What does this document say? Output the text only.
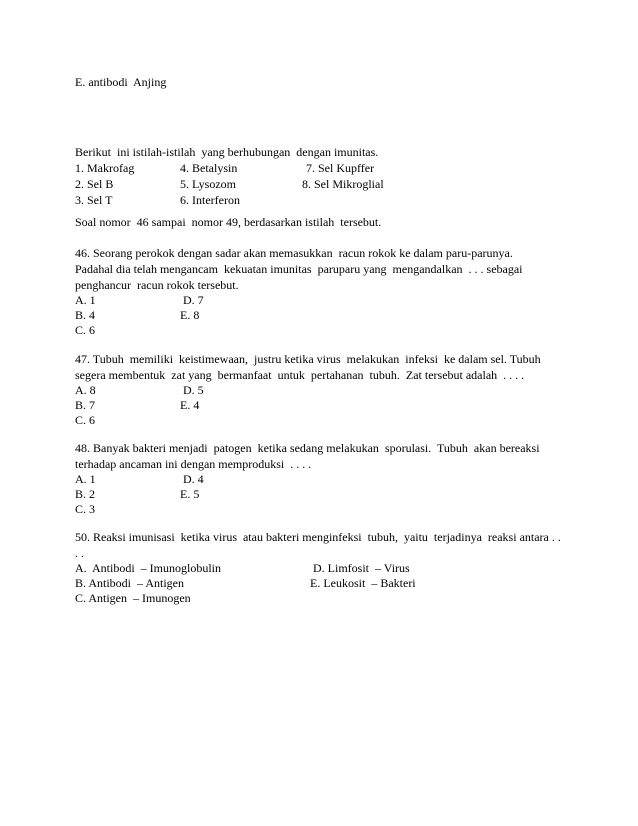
E. antibodi  Anjing
Berikut  ini istilah-istilah  yang berhubungan  dengan imunitas.
1. Makrofag	4. Betalysin	7. Sel Kupffer
2. Sel B	5. Lysozom	8. Sel Mikroglial
3. Sel T	6. Interferon
Soal nomor  46 sampai  nomor 49, berdasarkan istilah  tersebut.
46. Seorang perokok dengan sadar akan memasukkan  racun rokok ke dalam paru-parunya.
Padahal dia telah mengancam  kekuatan imunitas  paruparu yang  mengandalkan  . . . sebagai
penghancur  racun rokok tersebut.
A. 1	D. 7
B. 4	E. 8
C. 6
47. Tubuh  memiliki  keistimewaan,  justru ketika virus  melakukan  infeksi  ke dalam sel. Tubuh
segera membentuk  zat yang  bermanfaat  untuk  pertahanan  tubuh.  Zat tersebut adalah  . . . .
A. 8	D. 5
B. 7	E. 4
C. 6
48. Banyak bakteri menjadi  patogen  ketika sedang melakukan  sporulasi.  Tubuh  akan bereaksi
terhadap ancaman ini dengan memproduksi  . . . .
A. 1	D. 4
B. 2	E. 5
C. 3
50. Reaksi imunisasi  ketika virus  atau bakteri menginfeksi  tubuh,  yaitu  terjadinya  reaksi antara . .
. .
A.  Antibodi  – Imunoglobulin	D. Limfosit  – Virus
B. Antibodi  – Antigen	E. Leukosit  – Bakteri
C. Antigen  – Imunogen
